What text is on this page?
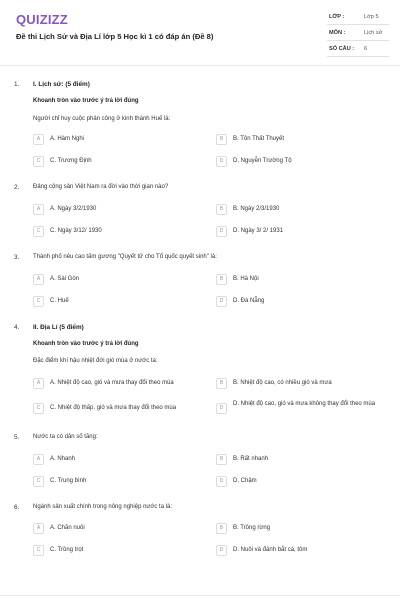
QUIZIZZ
Đề thi Lịch Sử và Địa Lí lớp 5 Học kì 1 có đáp án (Đề 8)
LỚP :	Lớp 5
MÔN :	Lịch sử
SỐ CÂU : 6
1. I. Lịch sử: (5 điểm)
Khoanh tròn vào trước ý trả lời đúng
Người chỉ huy cuộc phản công ở kinh thành Huế là:
A	A. Hàm Nghi	B	B. Tôn Thất Thuyết
C	C. Trương Định	D	D. Nguyễn Trường Tộ
2. Đảng cộng sản Việt Nam ra đời vào thời gian nào?
A	A. Ngày 3/2/1930	B	B. Ngày 2/3/1930
C	C. Ngày 3/12/ 1930	D	D. Ngày 3/ 2/ 1931
3. Thành phố nêu cao tấm gương "Quyết tử cho Tổ quốc quyết sinh" là:
A	A. Sài Gòn	B	B. Hà Nội
C	C. Huế	D	D. Đà Nẵng
4. II. Địa Lí (5 điểm)
Khoanh tròn vào trước ý trả lời đúng
Đặc điểm khí hậu nhiệt đới gió mùa ở nước ta:
A	A. Nhiệt độ cao, gió và mưa thay đổi theo mùa	B	B. Nhiệt độ cao, có nhiều gió và mưa
C	C. Nhiệt độ thấp, gió và mưa thay đổi theo mùa	D
D. Nhiệt độ cao, gió và mưa không thay đổi theo mùa
5. Nước ta có dân số tăng:
A	A. Nhanh	B	B. Rất nhanh
C	C. Trung bình	D	D. Chậm
6. Ngành sản xuất chính trong nông nghiệp nước ta là:
A	A. Chăn nuôi	B	B. Trồng rừng
C	C. Trồng trọt	D	D. Nuôi và đánh bắt cá, tôm
